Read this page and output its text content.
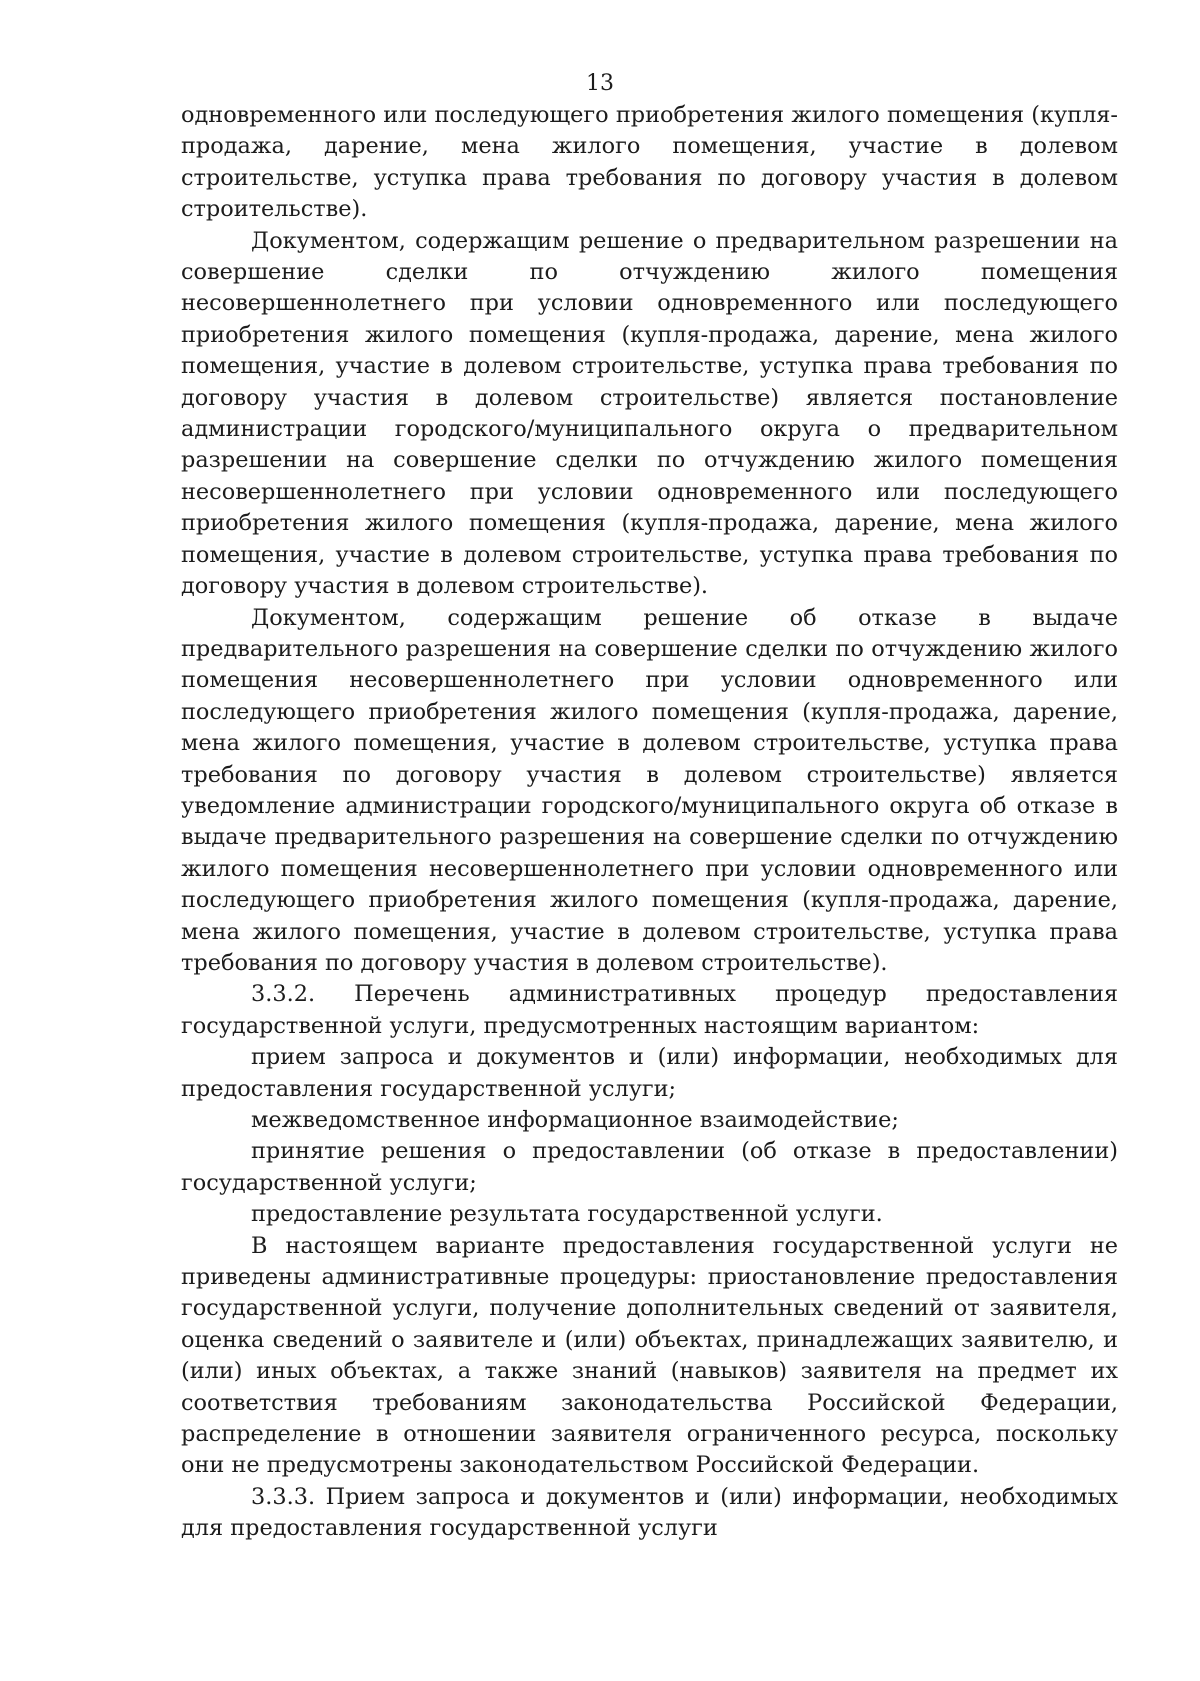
13

одновременного или последующего приобретения жилого помещения (купля-продажа, дарение, мена жилого помещения, участие в долевом строительстве, уступка права требования по договору участия в долевом строительстве).

Документом, содержащим решение о предварительном разрешении на совершение сделки по отчуждению жилого помещения несовершеннолетнего при условии одновременного или последующего приобретения жилого помещения (купля-продажа, дарение, мена жилого помещения, участие в долевом строительстве, уступка права требования по договору участия в долевом строительстве) является постановление администрации городского/муниципального округа о предварительном разрешении на совершение сделки по отчуждению жилого помещения несовершеннолетнего при условии одновременного или последующего приобретения жилого помещения (купля-продажа, дарение, мена жилого помещения, участие в долевом строительстве, уступка права требования по договору участия в долевом строительстве).

Документом, содержащим решение об отказе в выдаче предварительного разрешения на совершение сделки по отчуждению жилого помещения несовершеннолетнего при условии одновременного или последующего приобретения жилого помещения (купля-продажа, дарение, мена жилого помещения, участие в долевом строительстве, уступка права требования по договору участия в долевом строительстве) является уведомление администрации городского/муниципального округа об отказе в выдаче предварительного разрешения на совершение сделки по отчуждению жилого помещения несовершеннолетнего при условии одновременного или последующего приобретения жилого помещения (купля-продажа, дарение, мена жилого помещения, участие в долевом строительстве, уступка права требования по договору участия в долевом строительстве).

3.3.2. Перечень административных процедур предоставления государственной услуги, предусмотренных настоящим вариантом:

прием запроса и документов и (или) информации, необходимых для предоставления государственной услуги;

межведомственное информационное взаимодействие;

принятие решения о предоставлении (об отказе в предоставлении) государственной услуги;

предоставление результата государственной услуги.

В настоящем варианте предоставления государственной услуги не приведены административные процедуры: приостановление предоставления государственной услуги, получение дополнительных сведений от заявителя, оценка сведений о заявителе и (или) объектах, принадлежащих заявителю, и (или) иных объектах, а также знаний (навыков) заявителя на предмет их соответствия требованиям законодательства Российской Федерации, распределение в отношении заявителя ограниченного ресурса, поскольку они не предусмотрены законодательством Российской Федерации.

3.3.3. Прием запроса и документов и (или) информации, необходимых для предоставления государственной услуги
